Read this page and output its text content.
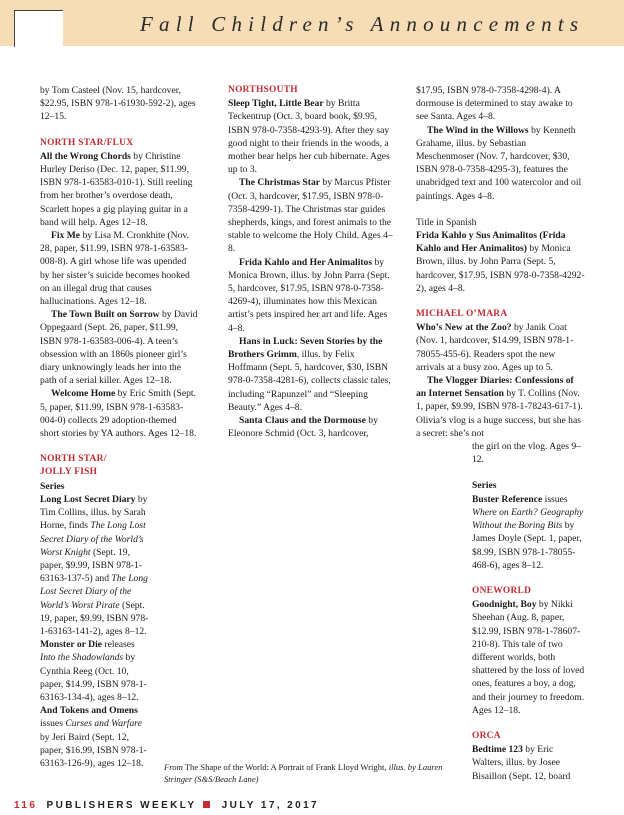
Fall Children’s Announcements

by Tom Casteel (Nov. 15, hardcover, $22.95, ISBN 978-1-61930-592-2), ages 12–15.

NORTH STAR/FLUX

All the Wrong Chords by Christine Hurley Deriso (Dec. 12, paper, $11.99, ISBN 978-1-63583-010-1). Still reeling from her brother’s overdose death, Scarlett hopes a gig playing guitar in a band will help. Ages 12–18.

Fix Me by Lisa M. Cronkhite (Nov. 28, paper, $11.99, ISBN 978-1-63583-008-8). A girl whose life was upended by her sister’s suicide becomes hooked on an illegal drug that causes hallucinations. Ages 12–18.

The Town Built on Sorrow by David Oppegaard (Sept. 26, paper, $11.99, ISBN 978-1-63583-006-4). A teen’s obsession with an 1860s pioneer girl’s diary unknowingly leads her into the path of a serial killer. Ages 12–18.

Welcome Home by Eric Smith (Sept. 5, paper, $11.99, ISBN 978-1-63583-004-0) collects 29 adoption-themed short stories by YA authors. Ages 12–18.

NORTH STAR/

JOLLY FISH

Series

Long Lost Secret Diary by Tim Collins, illus. by Sarah Horne, finds The Long Lost Secret Diary of the World’s Worst Knight (Sept. 19, paper, $9.99, ISBN 978-1-63163-137-5) and The Long Lost Secret Diary of the World’s Worst Pirate (Sept. 19, paper, $9.99, ISBN 978-1-63163-141-2), ages 8–12.

Monster or Die releases Into the Shadowlands by Cynthia Reeg (Oct. 10, paper, $14.99, ISBN 978-1-63163-134-4), ages 8–12.

And Tokens and Omens issues Curses and Warfare by Jeri Baird (Sept. 12, paper, $16.99, ISBN 978-1-63163-126-9), ages 12–18.

NORTHSOUTH

Sleep Tight, Little Bear by Britta Teckentrup (Oct. 3, board book, $9.95, ISBN 978-0-7358-4293-9). After they say good night to their friends in the woods, a mother bear helps her cub hibernate. Ages up to 3.

The Christmas Star by Marcus Pfister (Oct. 3, hardcover, $17.95, ISBN 978-0-7358-4299-1). The Christmas star guides shepherds, kings, and forest animals to the stable to welcome the Holy Child. Ages 4–8.

Frida Kahlo and Her Animalitos by Monica Brown, illus. by John Parra (Sept. 5, hardcover, $17.95, ISBN 978-0-7358-4269-4), illuminates how this Mexican artist’s pets inspired her art and life. Ages 4–8.

Hans in Luck: Seven Stories by the Brothers Grimm, illus. by Felix Hoffmann (Sept. 5, hardcover, $30, ISBN 978-0-7358-4281-6), collects classic tales, including “Rapunzel” and “Sleeping Beauty.” Ages 4–8.

Santa Claus and the Dormouse by Eleonore Schmid (Oct. 3, hardcover,

$17.95, ISBN 978-0-7358-4298-4). A dormouse is determined to stay awake to see Santa. Ages 4–8.

The Wind in the Willows by Kenneth Grahame, illus. by Sebastian Meschenmoser (Nov. 7, hardcover, $30, ISBN 978-0-7358-4295-3), features the unabridged text and 100 watercolor and oil paintings. Ages 4–8.

Title in Spanish

Frida Kahlo y Sus Animalitos (Frida Kahlo and Her Animalitos) by Monica Brown, illus. by John Parra (Sept. 5, hardcover, $17.95, ISBN 978-0-7358-4292-2), ages 4–8.

MICHAEL O’MARA

Who’s New at the Zoo? by Janik Coat (Nov. 1, hardcover, $14.99, ISBN 978-1-78055-455-6). Readers spot the new arrivals at a busy zoo. Ages up to 5.

The Vlogger Diaries: Confessions of an Internet Sensation by T. Collins (Nov. 1, paper, $9.99, ISBN 978-1-78243-617-1). Olivia’s vlog is a huge success, but she has a secret: she’s not

the girl on the vlog. Ages 9–12.

Series

Buster Reference issues Where on Earth? Geography Without the Boring Bits by James Doyle (Sept. 1, paper, $8.99, ISBN 978-1-78055-468-6), ages 8–12.

ONEWORLD

Goodnight, Boy by Nikki Sheehan (Aug. 8, paper, $12.99, ISBN 978-1-78607-210-8). This tale of two different worlds, both shattered by the loss of loved ones, features a boy, a dog, and their journey to freedom. Ages 12–18.

ORCA

Bedtime 123 by Eric Walters, illus. by Josee Bisaillon (Sept. 12, board

From The Shape of the World: A Portrait of Frank Lloyd Wright, illus. by Lauren Stringer (S&S/Beach Lane)
116 PUBLISHERS WEEKLY	JULY 17, 2017
